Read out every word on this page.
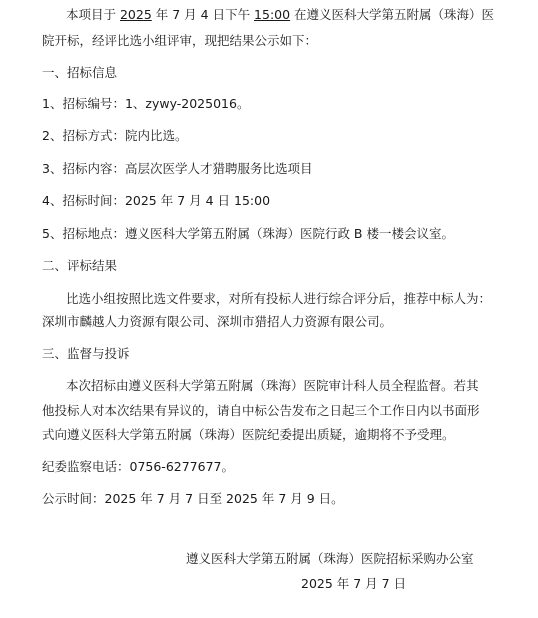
本项目于 2025 年 7 月 4 日下午 15:00 在遵义医科大学第五附属（珠海）医
院开标，经评比选小组评审，现把结果公示如下：
一、招标信息
1、招标编号：1、zywy-2025016。
2、招标方式：院内比选。
3、招标内容：高层次医学人才猎聘服务比选项目
4、招标时间：2025 年 7 月 4 日 15:00
5、招标地点：遵义医科大学第五附属（珠海）医院行政 B 楼一楼会议室。
二、评标结果
比选小组按照比选文件要求，对所有投标人进行综合评分后，推荐中标人为：
深圳市麟越人力资源有限公司、深圳市猎招人力资源有限公司。
三、监督与投诉
本次招标由遵义医科大学第五附属（珠海）医院审计科人员全程监督。若其
他投标人对本次结果有异议的，请自中标公告发布之日起三个工作日内以书面形
式向遵义医科大学第五附属（珠海）医院纪委提出质疑，逾期将不予受理。
纪委监察电话：0756-6277677。
公示时间：2025 年 7 月 7 日至 2025 年 7 月 9 日。
遵义医科大学第五附属（珠海）医院招标采购办公室
2025 年 7 月 7 日
